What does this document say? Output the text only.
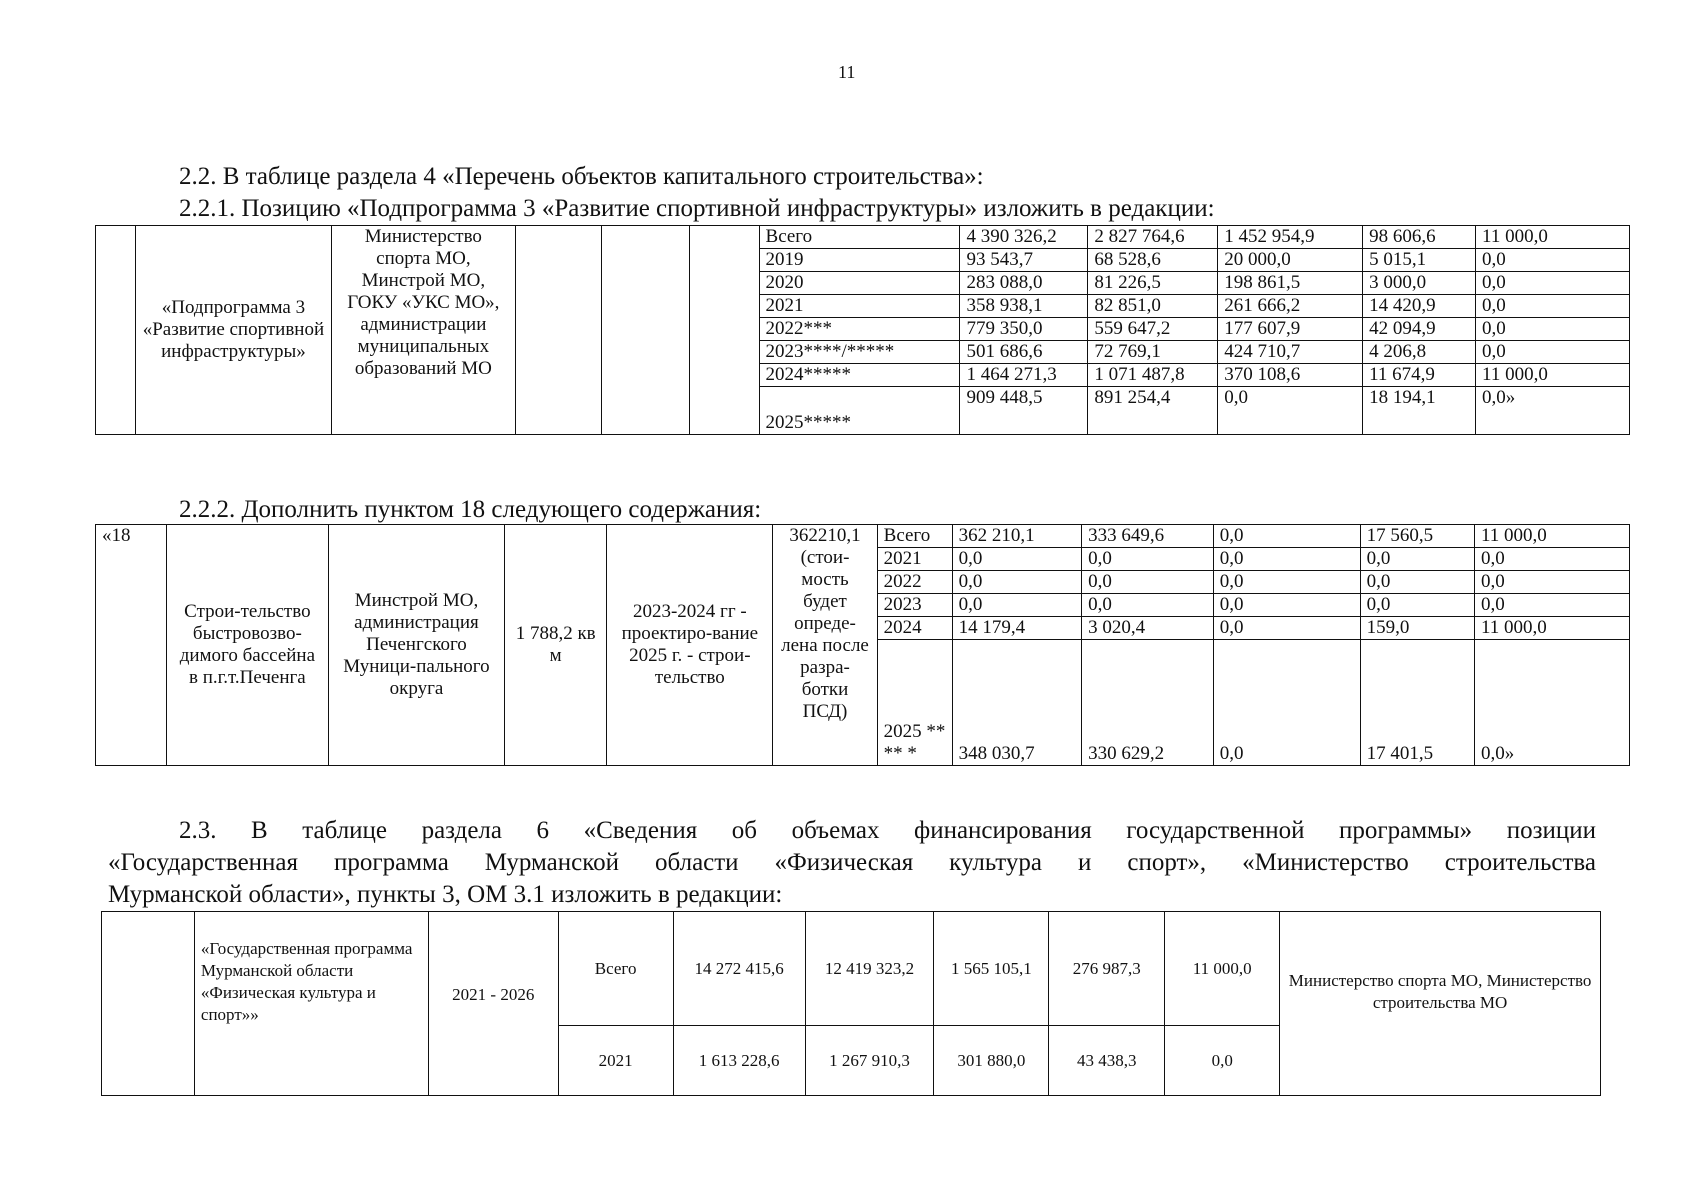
11
2.2. В таблице раздела 4 «Перечень объектов капитального строительства»:
2.2.1. Позицию «Подпрограмма 3 «Развитие спортивной инфраструктуры» изложить в редакции:
	«Подпрограмма 3 «Развитие спортивной инфраструктуры»	Министерство спорта МО, Минстрой МО, ГОКУ «УКС МО», администрации муниципальных образований МО				Всего	4 390 326,2	2 827 764,6	1 452 954,9	98 606,6	11 000,0
						2019	93 543,7	68 528,6	20 000,0	5 015,1	0,0
						2020	283 088,0	81 226,5	198 861,5	3 000,0	0,0
						2021	358 938,1	82 851,0	261 666,2	14 420,9	0,0
						2022***	779 350,0	559 647,2	177 607,9	42 094,9	0,0
						2023****/*****	501 686,6	72 769,1	424 710,7	4 206,8	0,0
						2024*****	1 464 271,3	1 071 487,8	370 108,6	11 674,9	11 000,0
						2025*****	909 448,5	891 254,4	0,0	18 194,1	0,0»
2.2.2. Дополнить пунктом 18 следующего содержания:
«18	Строи-тельство быстровозво-димого бассейна в п.г.т.Печенга	Минстрой МО, администрация Печенгского Муници-пального округа	1 788,2 кв м	2023-2024 гг - проектиро-вание 2025 г. - строи-тельство	362210,1 (стои-мость будет опреде-лена после разра-ботки ПСД)	Всего	362 210,1	333 649,6	0,0	17 560,5	11 000,0
						2021	0,0	0,0	0,0	0,0	0,0
						2022	0,0	0,0	0,0	0,0	0,0
						2023	0,0	0,0	0,0	0,0	0,0
						2024	14 179,4	3 020,4	0,0	159,0	11 000,0
						2025 **** *	348 030,7	330 629,2	0,0	17 401,5	0,0»
2.3. В таблице раздела 6 «Сведения об объемах финансирования государственной программы» позиции
«Государственная программа Мурманской области «Физическая культура и спорт», «Министерство строительства
Мурманской области», пункты 3, ОМ 3.1 изложить в редакции:
	«Государственная программа Мурманской области «Физическая культура и спорт»»	2021 - 2026	Всего	14 272 415,6	12 419 323,2	1 565 105,1	276 987,3	11 000,0	Министерство спорта МО, Министерство строительства МО
			2021	1 613 228,6	1 267 910,3	301 880,0	43 438,3	0,0	
